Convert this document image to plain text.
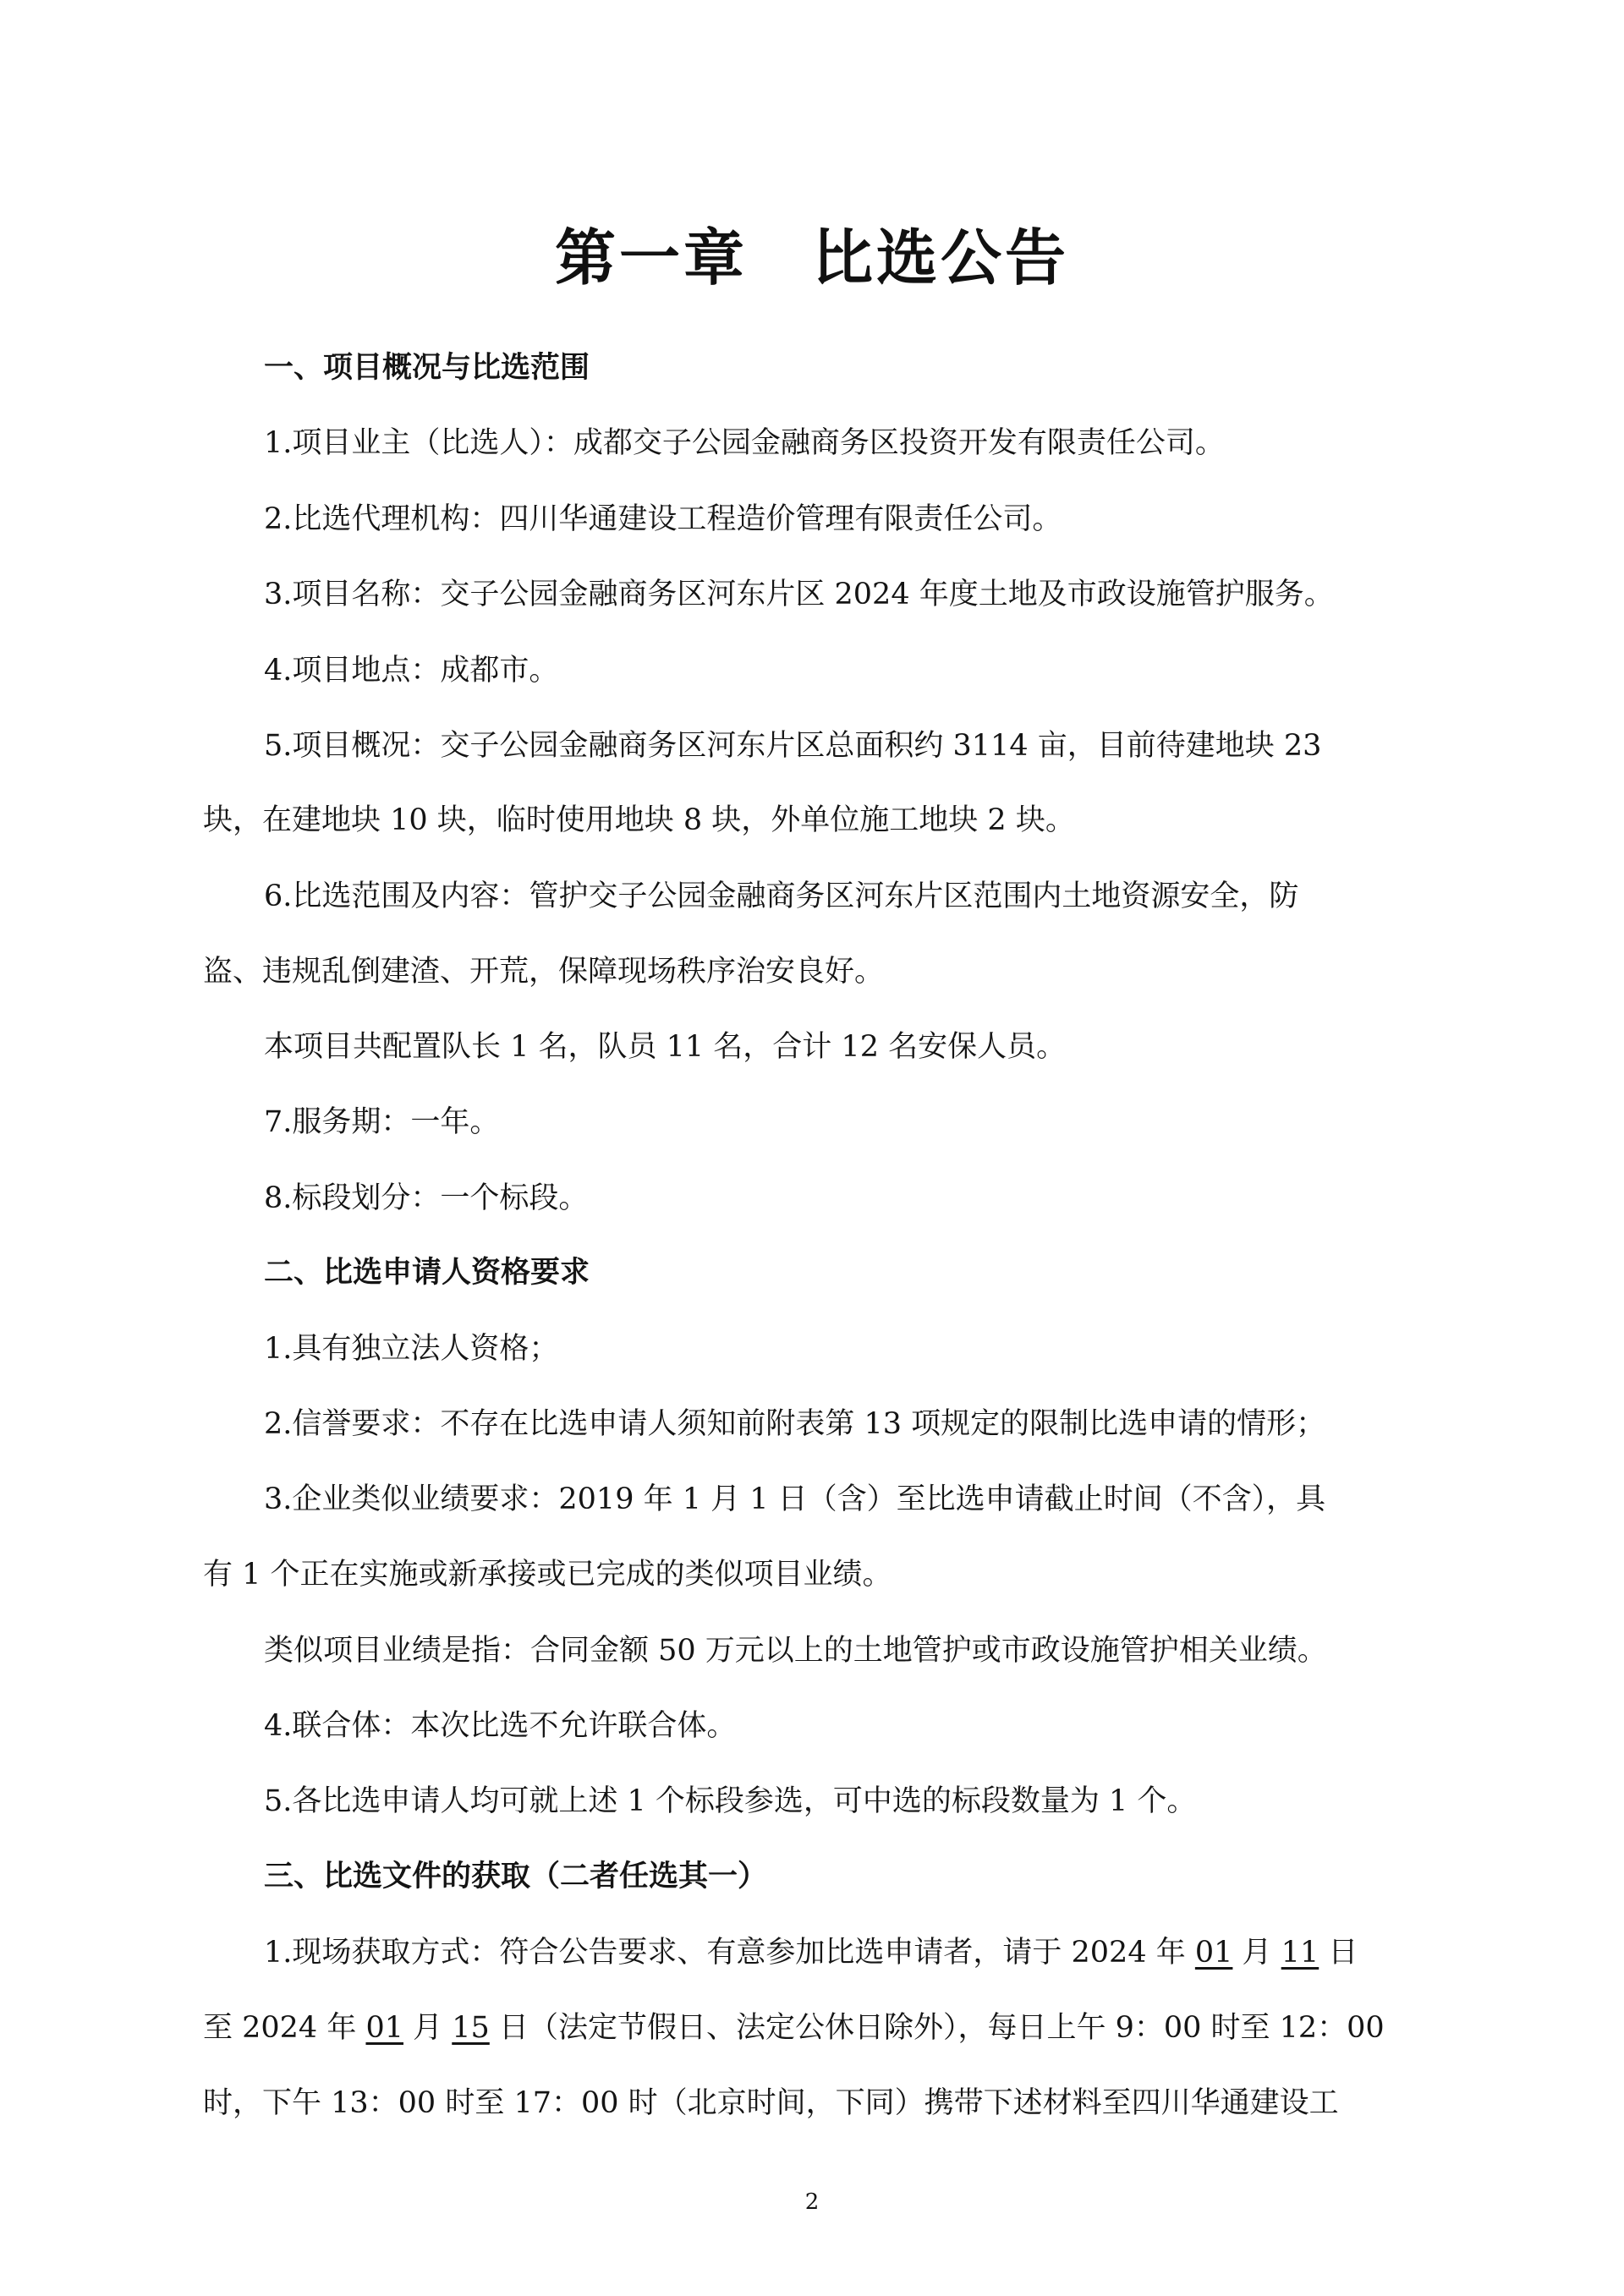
第一章　比选公告
一、项目概况与比选范围
1.项目业主（比选人）：成都交子公园金融商务区投资开发有限责任公司。
2.比选代理机构：四川华通建设工程造价管理有限责任公司。
3.项目名称：交子公园金融商务区河东片区 2024 年度土地及市政设施管护服务。
4.项目地点：成都市。
5.项目概况：交子公园金融商务区河东片区总面积约 3114 亩，目前待建地块 23
块，在建地块 10 块，临时使用地块 8 块，外单位施工地块 2 块。
6.比选范围及内容：管护交子公园金融商务区河东片区范围内土地资源安全，防
盗、违规乱倒建渣、开荒，保障现场秩序治安良好。
本项目共配置队长 1 名，队员 11 名，合计 12 名安保人员。
7.服务期：一年。
8.标段划分：一个标段。
二、比选申请人资格要求
1.具有独立法人资格；
2.信誉要求：不存在比选申请人须知前附表第 13 项规定的限制比选申请的情形；
3.企业类似业绩要求：2019 年 1 月 1 日（含）至比选申请截止时间（不含），具
有 1 个正在实施或新承接或已完成的类似项目业绩。
类似项目业绩是指：合同金额 50 万元以上的土地管护或市政设施管护相关业绩。
4.联合体：本次比选不允许联合体。
5.各比选申请人均可就上述 1 个标段参选，可中选的标段数量为 1 个。
三、比选文件的获取（二者任选其一）
1.现场获取方式：符合公告要求、有意参加比选申请者，请于 2024 年 01 月 11 日
至 2024 年 01 月 15 日（法定节假日、法定公休日除外），每日上午 9：00 时至 12：00
时，下午 13：00 时至 17：00 时（北京时间，下同）携带下述材料至四川华通建设工
2
